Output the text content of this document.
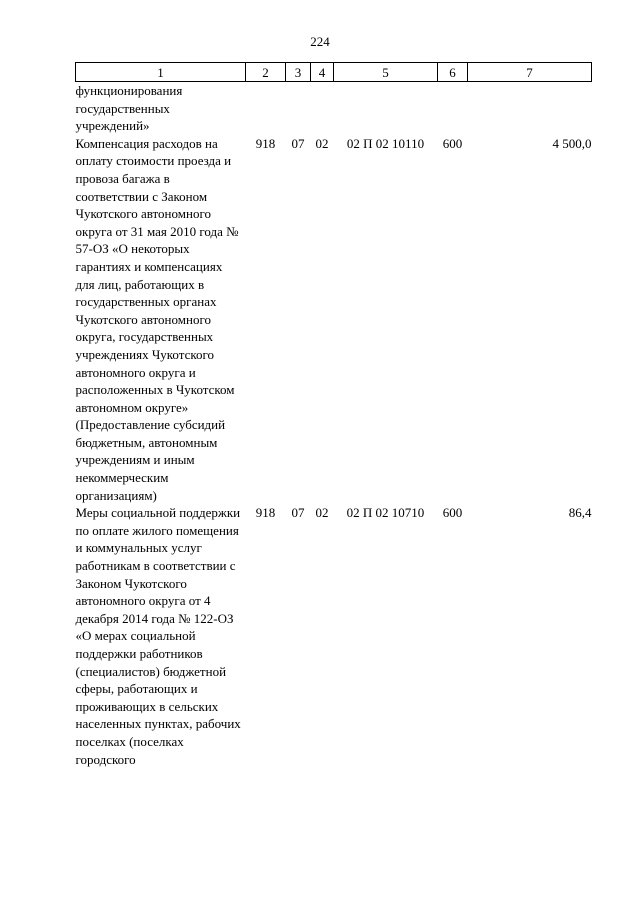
224
1	2	3	4	5	6	7
функционирования государственных учреждений»						
Компенсация расходов на оплату стоимости проезда и провоза багажа в соответствии с Законом Чукотского автономного округа от 31 мая 2010 года № 57-ОЗ «О некоторых гарантиях и компенсациях для лиц, работающих в государственных органах Чукотского автономного округа, государственных учреждениях Чукотского автономного округа и расположенных в Чукотском автономном округе» (Предоставление субсидий бюджетным, автономным учреждениям и иным некоммерческим организациям)	918	07	02	02 П 02 10110	600	4 500,0
Меры социальной поддержки по оплате жилого помещения и коммунальных услуг работникам в соответствии с Законом Чукотского автономного округа от 4 декабря 2014 года № 122-ОЗ «О мерах социальной поддержки работников (специалистов) бюджетной сферы, работающих и проживающих в сельских населенных пунктах, рабочих поселках (поселках городского	918	07	02	02 П 02 10710	600	86,4
